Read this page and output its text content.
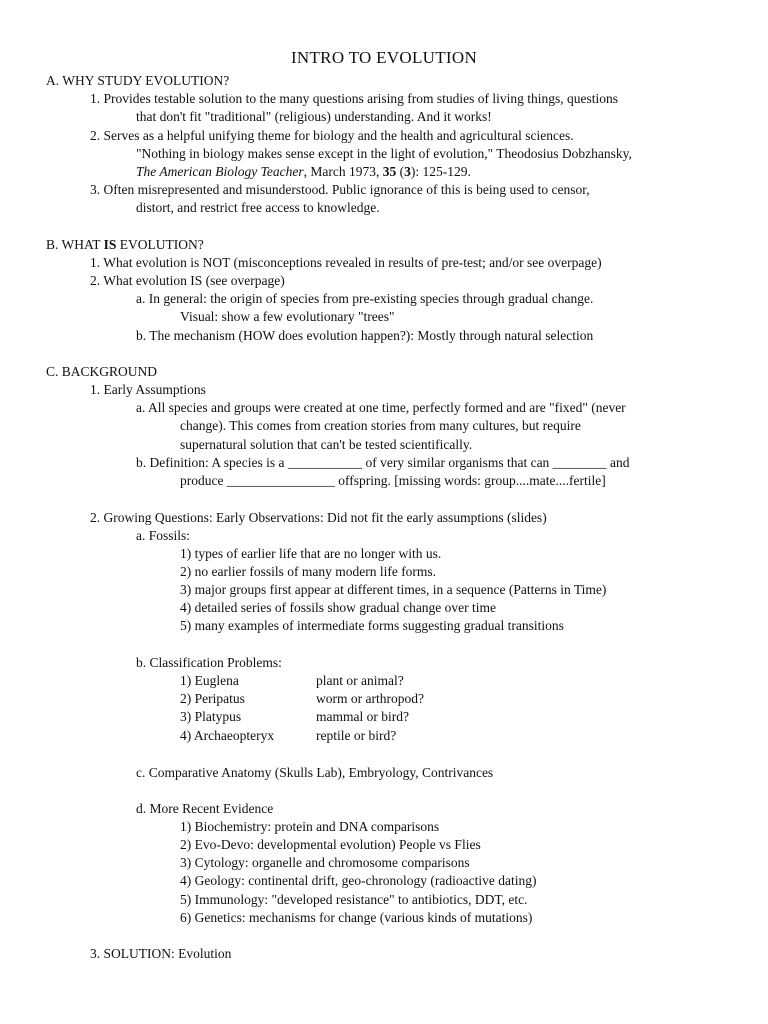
INTRO TO EVOLUTION
A. WHY STUDY EVOLUTION?
1. Provides testable solution to the many questions arising from studies of living things, questions
that don't fit "traditional" (religious) understanding. And it works!
2. Serves as a helpful unifying theme for biology and the health and agricultural sciences.
"Nothing in biology makes sense except in the light of evolution," Theodosius Dobzhansky,
The American Biology Teacher, March 1973, 35 (3): 125-129.
3. Often misrepresented and misunderstood. Public ignorance of this is being used to censor,
distort, and restrict free access to knowledge.
B. WHAT IS EVOLUTION?
1. What evolution is NOT (misconceptions revealed in results of pre-test; and/or see overpage)
2. What evolution IS (see overpage)
a. In general: the origin of species from pre-existing species through gradual change.
Visual: show a few evolutionary "trees"
b. The mechanism (HOW does evolution happen?): Mostly through natural selection
C. BACKGROUND
1. Early Assumptions
a. All species and groups were created at one time, perfectly formed and are "fixed" (never
change). This comes from creation stories from many cultures, but require
supernatural solution that can't be tested scientifically.
b. Definition: A species is a ___________ of very similar organisms that can ________ and
produce ________________ offspring. [missing words: group....mate....fertile]
2. Growing Questions: Early Observations: Did not fit the early assumptions (slides)
a. Fossils:
1) types of earlier life that are no longer with us.
2) no earlier fossils of many modern life forms.
3) major groups first appear at different times, in a sequence (Patterns in Time)
4) detailed series of fossils show gradual change over time
5) many examples of intermediate forms suggesting gradual transitions
b. Classification Problems:
1) Euglena	plant or animal?
2) Peripatus	worm or arthropod?
3) Platypus	mammal or bird?
4) Archaeopteryx	reptile or bird?
c. Comparative Anatomy (Skulls Lab), Embryology, Contrivances
d. More Recent Evidence
1) Biochemistry: protein and DNA comparisons
2) Evo-Devo: developmental evolution) People vs Flies
3) Cytology: organelle and chromosome comparisons
4) Geology: continental drift, geo-chronology (radioactive dating)
5) Immunology: "developed resistance" to antibiotics, DDT, etc.
6) Genetics: mechanisms for change (various kinds of mutations)
3. SOLUTION: Evolution
